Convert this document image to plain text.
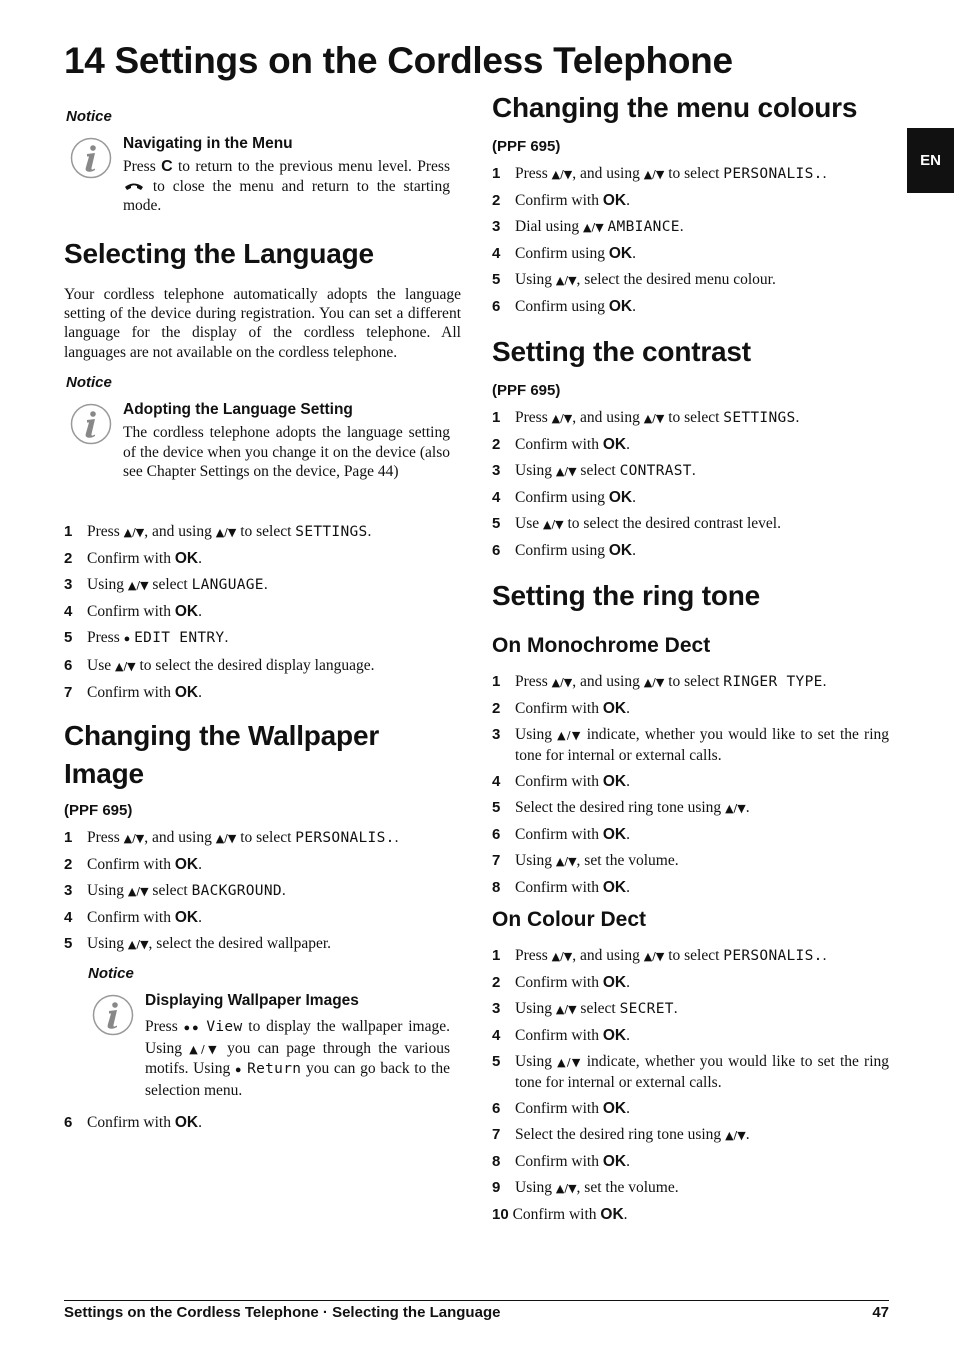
14 Settings on the Cordless Telephone
EN
Notice
Navigating in the Menu
Press C to return to the previous menu level. Press  to close the menu and return to the starting mode.
Selecting the Language
Your cordless telephone automatically adopts the language setting of the device during registration. You can set a different language for the display of the cordless telephone. All languages are not available on the cordless telephone.
Notice
Adopting the Language Setting
The cordless telephone adopts the language setting of the device when you change it on the device (also see Chapter Settings on the device, Page 44)
1 Press ▲/▼, and using ▲/▼ to select SETTINGS.
2 Confirm with OK.
3 Using ▲/▼ select LANGUAGE.
4 Confirm with OK.
5 Press ● EDIT ENTRY.
6 Use ▲/▼ to select the desired display language.
7 Confirm with OK.
Changing the Wallpaper
Image
(PPF 695)
1 Press ▲/▼, and using ▲/▼ to select PERSONALIS..
2 Confirm with OK.
3 Using ▲/▼ select BACKGROUND.
4 Confirm with OK.
5 Using ▲/▼, select the desired wallpaper.
Notice
Displaying Wallpaper Images
Press ●● View to display the wallpaper image. Using ▲/▼ you can page through the various motifs. Using ● Return you can go back to the selection menu.
6 Confirm with OK.
Changing the menu colours
(PPF 695)
1 Press ▲/▼, and using ▲/▼ to select PERSONALIS..
2 Confirm with OK.
3 Dial using ▲/▼ AMBIANCE.
4 Confirm using OK.
5 Using ▲/▼, select the desired menu colour.
6 Confirm using OK.
Setting the contrast
(PPF 695)
1 Press ▲/▼, and using ▲/▼ to select SETTINGS.
2 Confirm with OK.
3 Using ▲/▼ select CONTRAST.
4 Confirm using OK.
5 Use ▲/▼ to select the desired contrast level.
6 Confirm using OK.
Setting the ring tone
On Monochrome Dect
1 Press ▲/▼, and using ▲/▼ to select RINGER TYPE.
2 Confirm with OK.
3 Using ▲/▼ indicate, whether you would like to set the ring tone for internal or external calls.
4 Confirm with OK.
5 Select the desired ring tone using ▲/▼.
6 Confirm with OK.
7 Using ▲/▼, set the volume.
8 Confirm with OK.
On Colour Dect
1 Press ▲/▼, and using ▲/▼ to select PERSONALIS..
2 Confirm with OK.
3 Using ▲/▼ select SECRET.
4 Confirm with OK.
5 Using ▲/▼ indicate, whether you would like to set the ring tone for internal or external calls.
6 Confirm with OK.
7 Select the desired ring tone using ▲/▼.
8 Confirm with OK.
9 Using ▲/▼, set the volume.
10 Confirm with OK.
Settings on the Cordless Telephone · Selecting the Language	47
